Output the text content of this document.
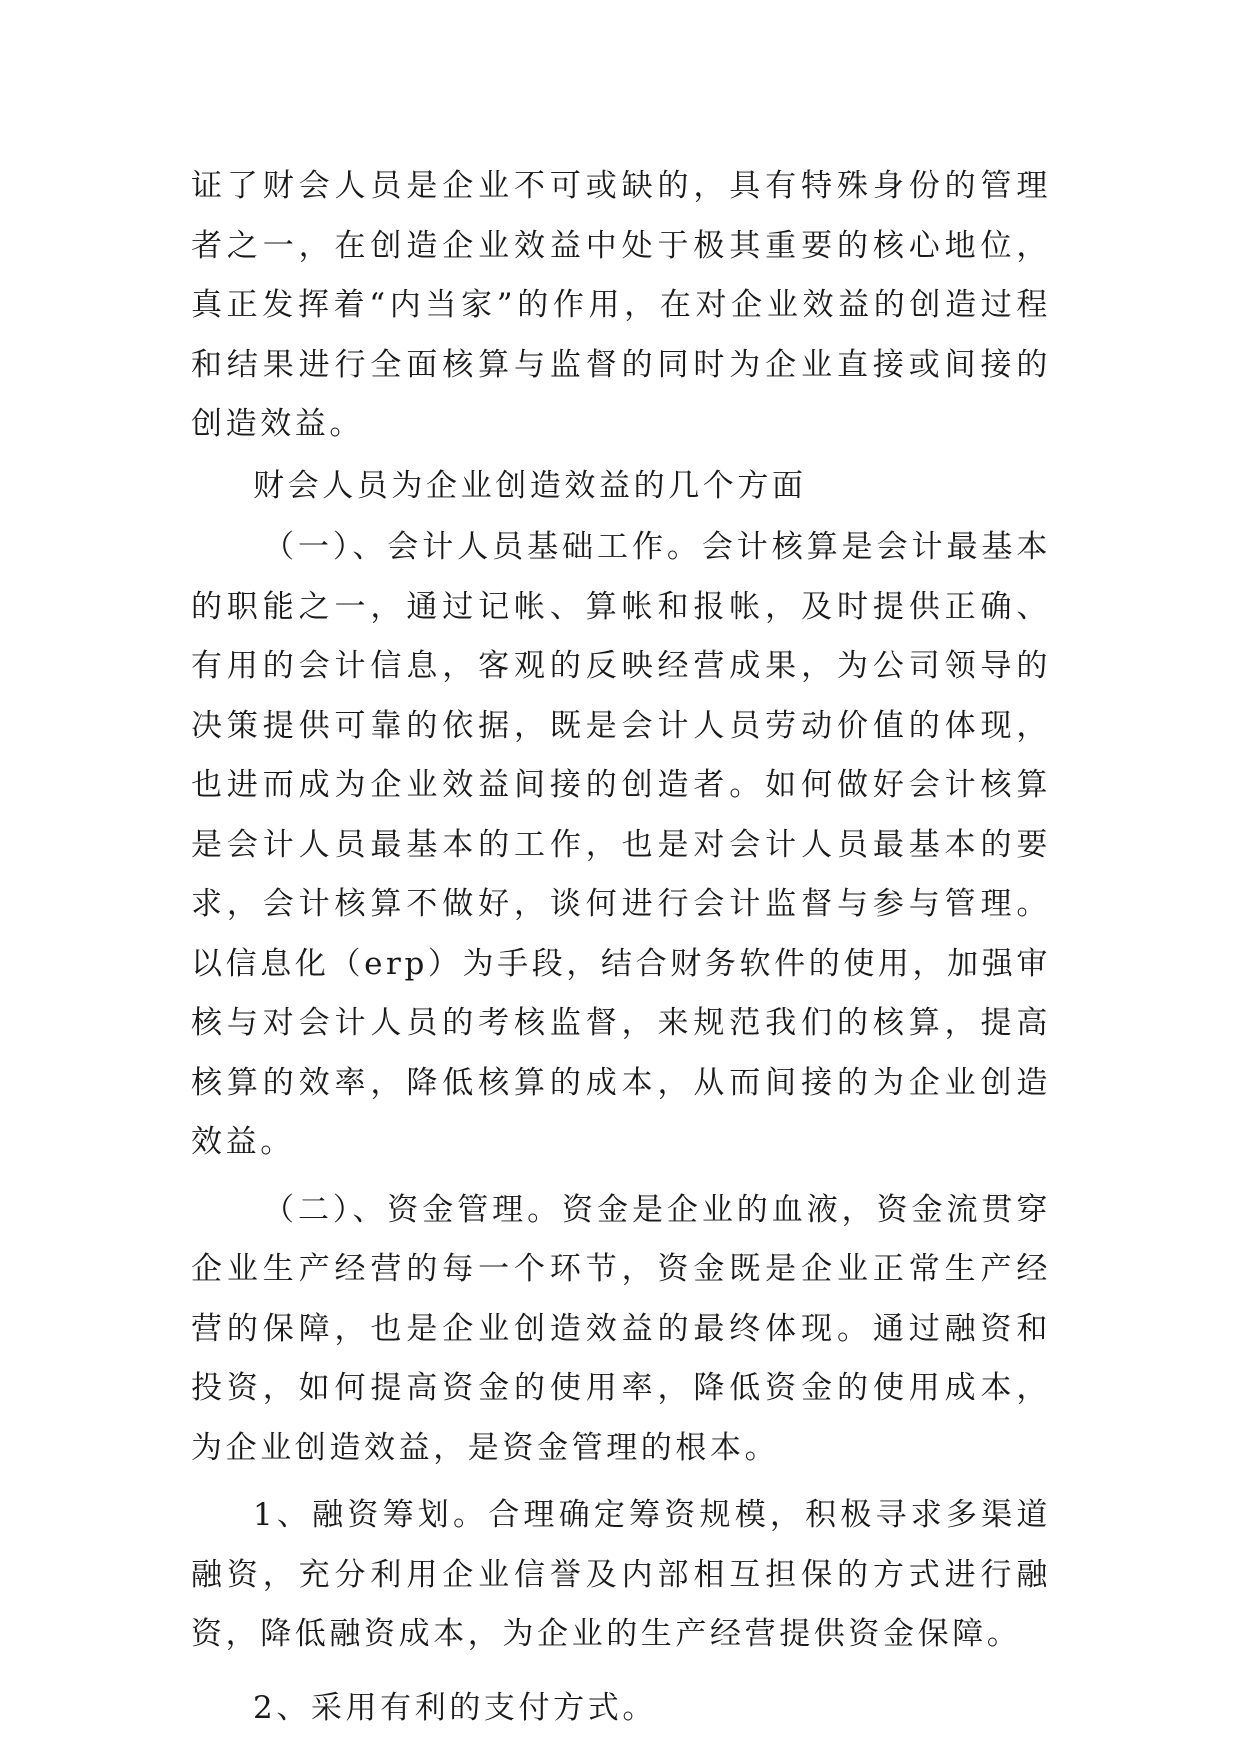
证了财会人员是企业不可或缺的，具有特殊身份的管理者之一，在创造企业效益中处于极其重要的核心地位，真正发挥着“内当家”的作用，在对企业效益的创造过程和结果进行全面核算与监督的同时为企业直接或间接的创造效益。

财会人员为企业创造效益的几个方面

（一）、会计人员基础工作。会计核算是会计最基本的职能之一，通过记帐、算帐和报帐，及时提供正确、有用的会计信息，客观的反映经营成果，为公司领导的决策提供可靠的依据，既是会计人员劳动价值的体现，也进而成为企业效益间接的创造者。如何做好会计核算是会计人员最基本的工作，也是对会计人员最基本的要求，会计核算不做好，谈何进行会计监督与参与管理。以信息化（erp）为手段，结合财务软件的使用，加强审核与对会计人员的考核监督，来规范我们的核算，提高核算的效率，降低核算的成本，从而间接的为企业创造效益。

（二）、资金管理。资金是企业的血液，资金流贯穿企业生产经营的每一个环节，资金既是企业正常生产经营的保障，也是企业创造效益的最终体现。通过融资和投资，如何提高资金的使用率，降低资金的使用成本，为企业创造效益，是资金管理的根本。

1、融资筹划。合理确定筹资规模，积极寻求多渠道融资，充分利用企业信誉及内部相互担保的方式进行融资，降低融资成本，为企业的生产经营提供资金保障。

2、采用有利的支付方式。
